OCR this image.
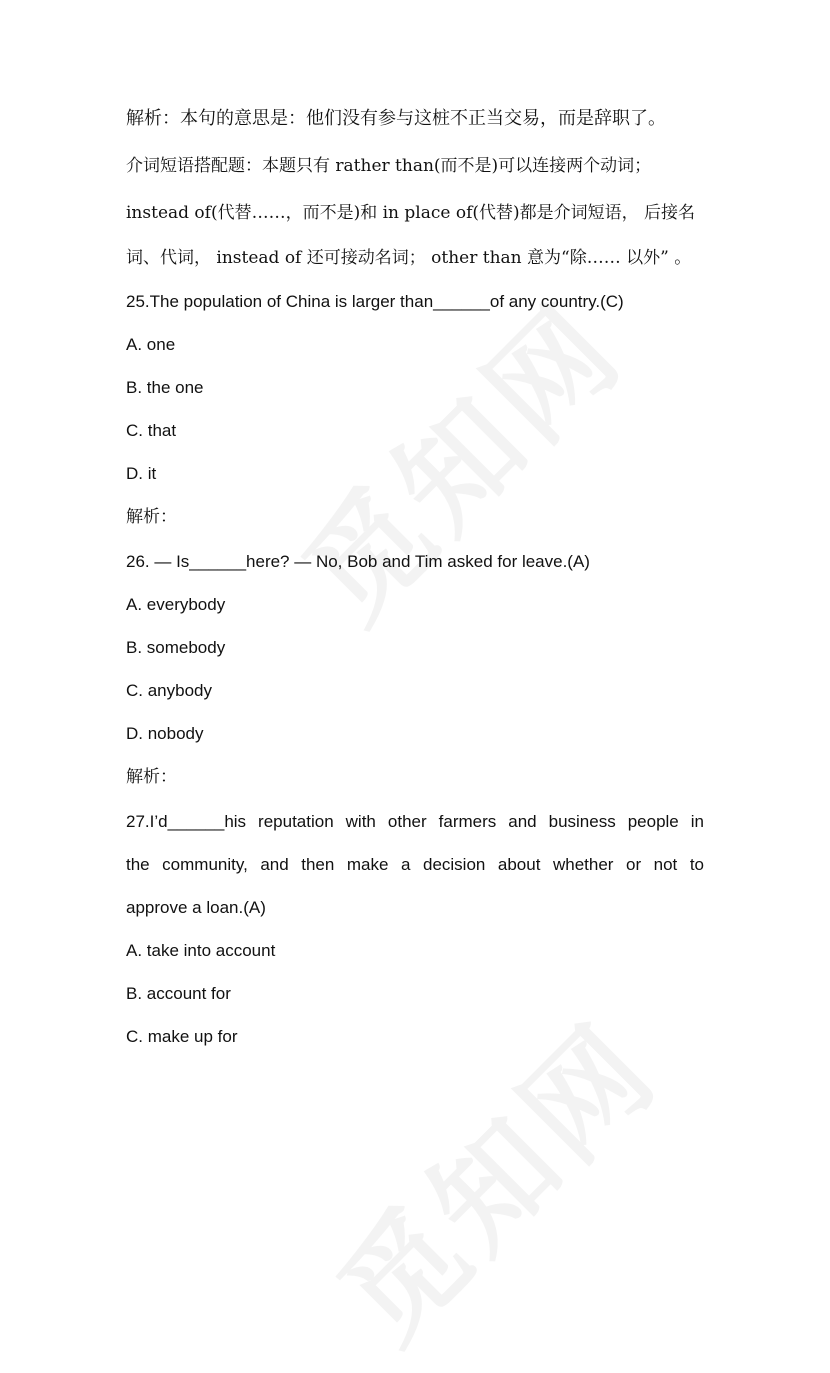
解析：本句的意思是：他们没有参与这桩不正当交易，而是辞职了。
介词短语搭配题：本题只有 rather than(而不是)可以连接两个动词；
instead of(代替……，而不是)和 in place of(代替)都是介词短语， 后接名
词、代词， instead of 还可接动名词； other than 意为“除…… 以外” 。
25.The population of China is larger than______of any country.(C)
A. one
B. the one
C. that
D. it
解析：
26. — Is______here? — No, Bob and Tim asked for leave.(A)
A. everybody
B. somebody
C. anybody
D. nobody
解析：
27.I’d______his reputation with other farmers and business people in
the community, and then make a decision about whether or not to
approve a loan.(A)
A. take into account
B. account for
C. make up for
